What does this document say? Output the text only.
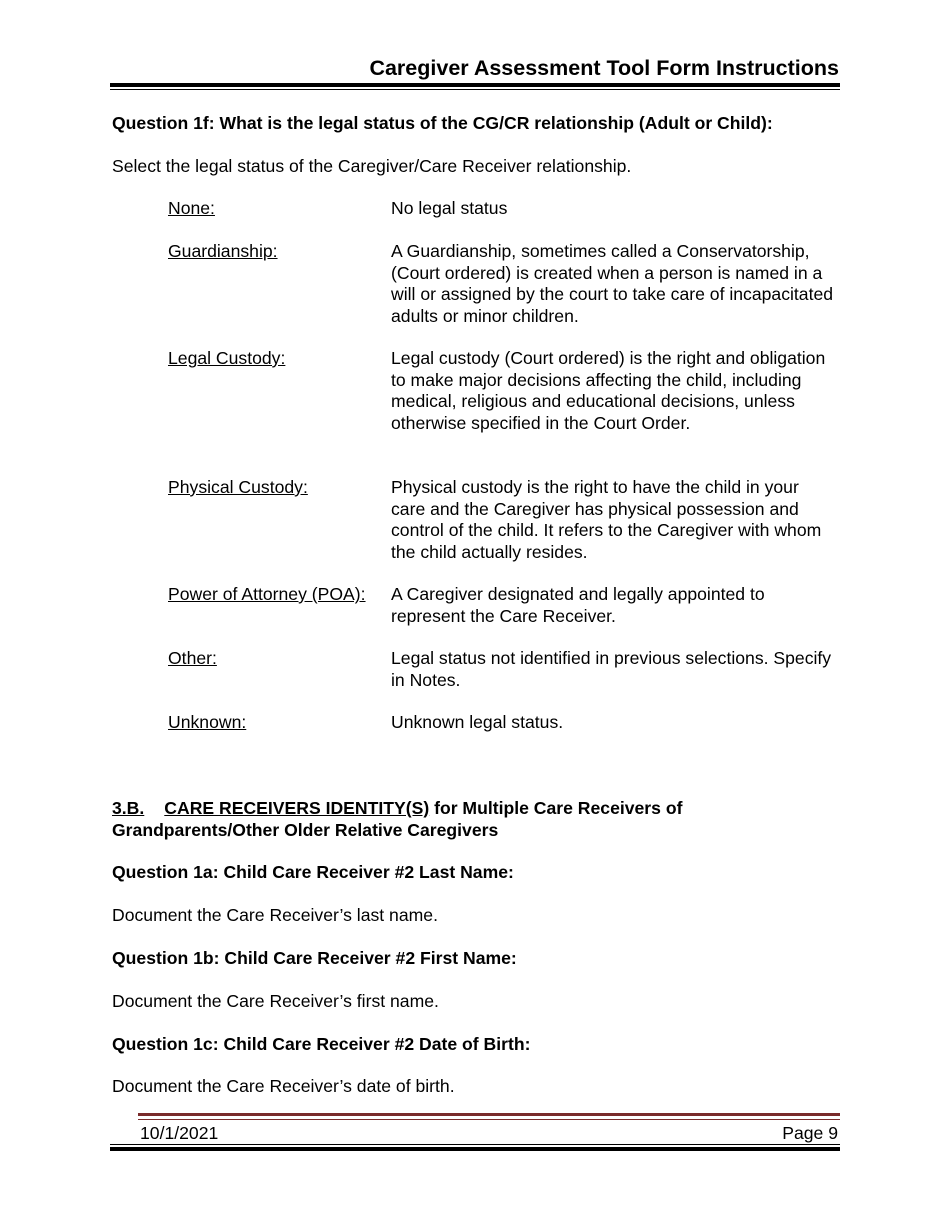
Caregiver Assessment Tool Form Instructions
Question 1f: What is the legal status of the CG/CR relationship (Adult or Child):
Select the legal status of the Caregiver/Care Receiver relationship.
None:	No legal status
Guardianship:	A Guardianship, sometimes called a Conservatorship, (Court ordered) is created when a person is named in a will or assigned by the court to take care of incapacitated adults or minor children.
Legal Custody:	Legal custody (Court ordered) is the right and obligation to make major decisions affecting the child, including medical, religious and educational decisions, unless otherwise specified in the Court Order.
Physical Custody:	Physical custody is the right to have the child in your care and the Caregiver has physical possession and control of the child. It refers to the Caregiver with whom the child actually resides.
Power of Attorney (POA): A Caregiver designated and legally appointed to represent the Care Receiver.
Other:	Legal status not identified in previous selections. Specify in Notes.
Unknown:	Unknown legal status.
3.B. CARE RECEIVERS IDENTITY(S) for Multiple Care Receivers of Grandparents/Other Older Relative Caregivers
Question 1a: Child Care Receiver #2 Last Name:
Document the Care Receiver’s last name.
Question 1b: Child Care Receiver #2 First Name:
Document the Care Receiver’s first name.
Question 1c: Child Care Receiver #2 Date of Birth:
Document the Care Receiver’s date of birth.
10/1/2021	Page 9
